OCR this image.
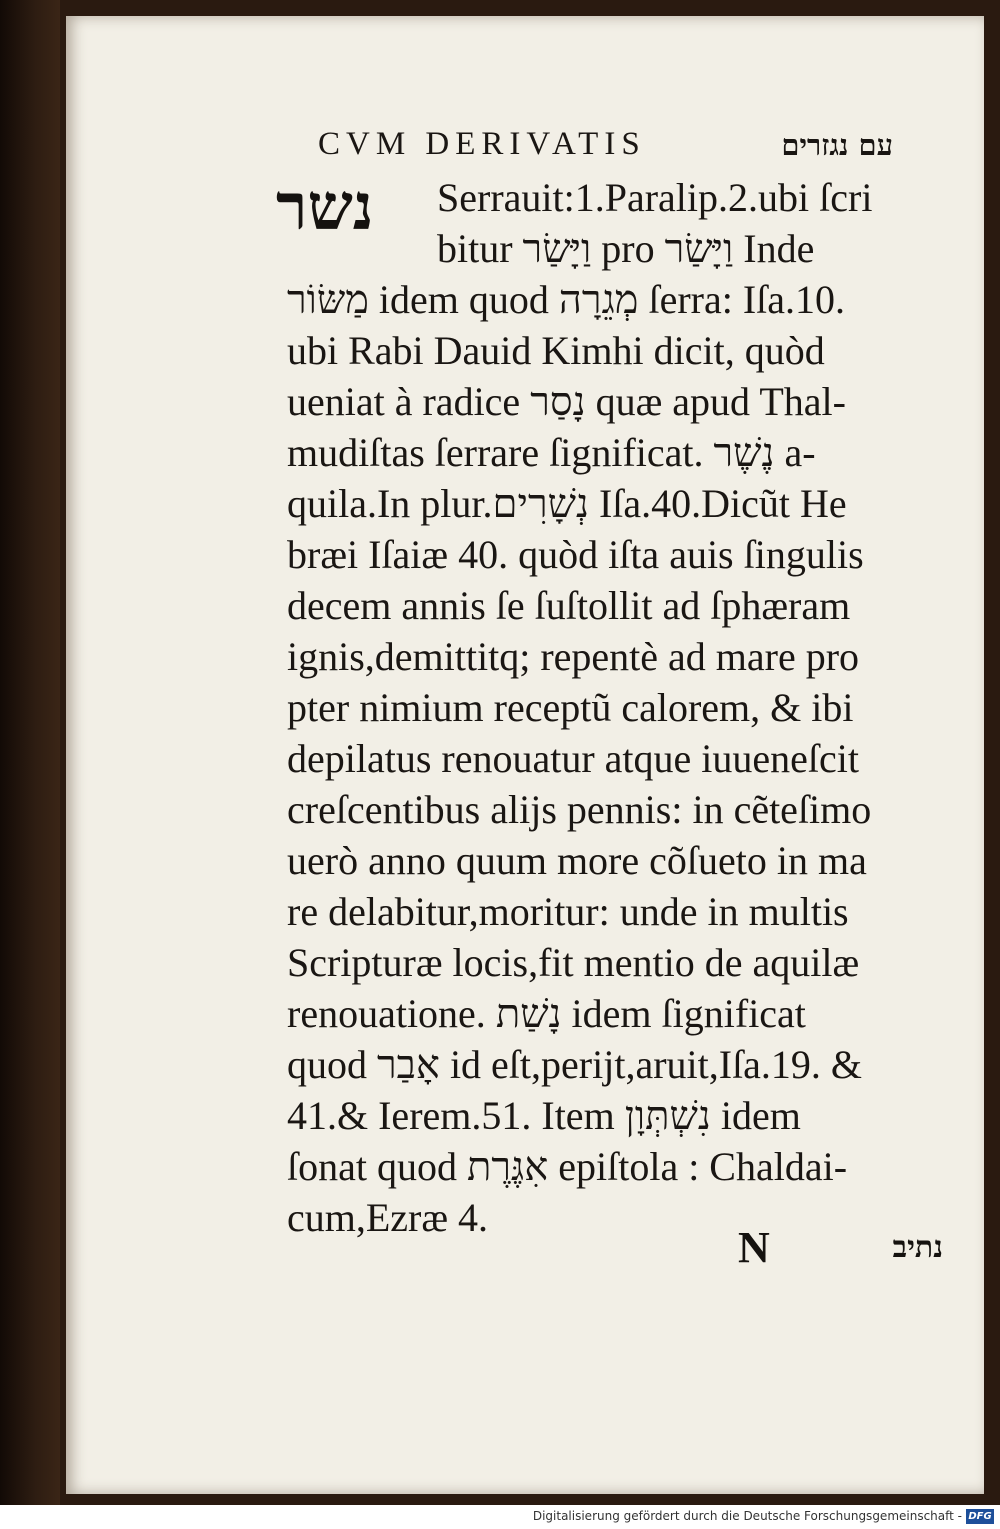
CVM DERIVATIS	עם נגזרים
נשר	Serrauit:1.Paralip.2.ubi ſcri
bitur וַיָּשַׂר pro וַיָּשַׂר Inde
מַשּׂוֹר idem quod מְגֵרָה ſerra: Iſa.10.
ubi Rabi Dauid Kimhi dicit, quòd
ueniat à radice נָסַר quæ apud Thal-
mudiſtas ſerrare ſignificat. נֶשֶׁר a-
quila.In plur.נְשָׁרִים Iſa.40.Dicũt He
bræi Iſaiæ 40. quòd iſta auis ſingulis
decem annis ſe ſuſtollit ad ſphæram
ignis,demittitq; repentè ad mare pro
pter nimium receptũ calorem, & ibi
depilatus renouatur atque iuueneſcit
creſcentibus alijs pennis: in cẽteſimo
uerò anno quum more cõſueto in ma
re delabitur,moritur: unde in multis
Scripturæ locis,fit mentio de aquilæ
renouatione. נָשַׁת idem ſignificat
quod אָבַר id eſt,perijt,aruit,Iſa.19. &
41.& Ierem.51. Item נִשְׁתְּוָן idem
ſonat quod אִגֶּרֶת epiſtola : Chaldai-
cum,Ezræ 4.
N	נתיב
Digitalisierung gefördert durch die Deutsche Forschungsgemeinschaft - DFG
